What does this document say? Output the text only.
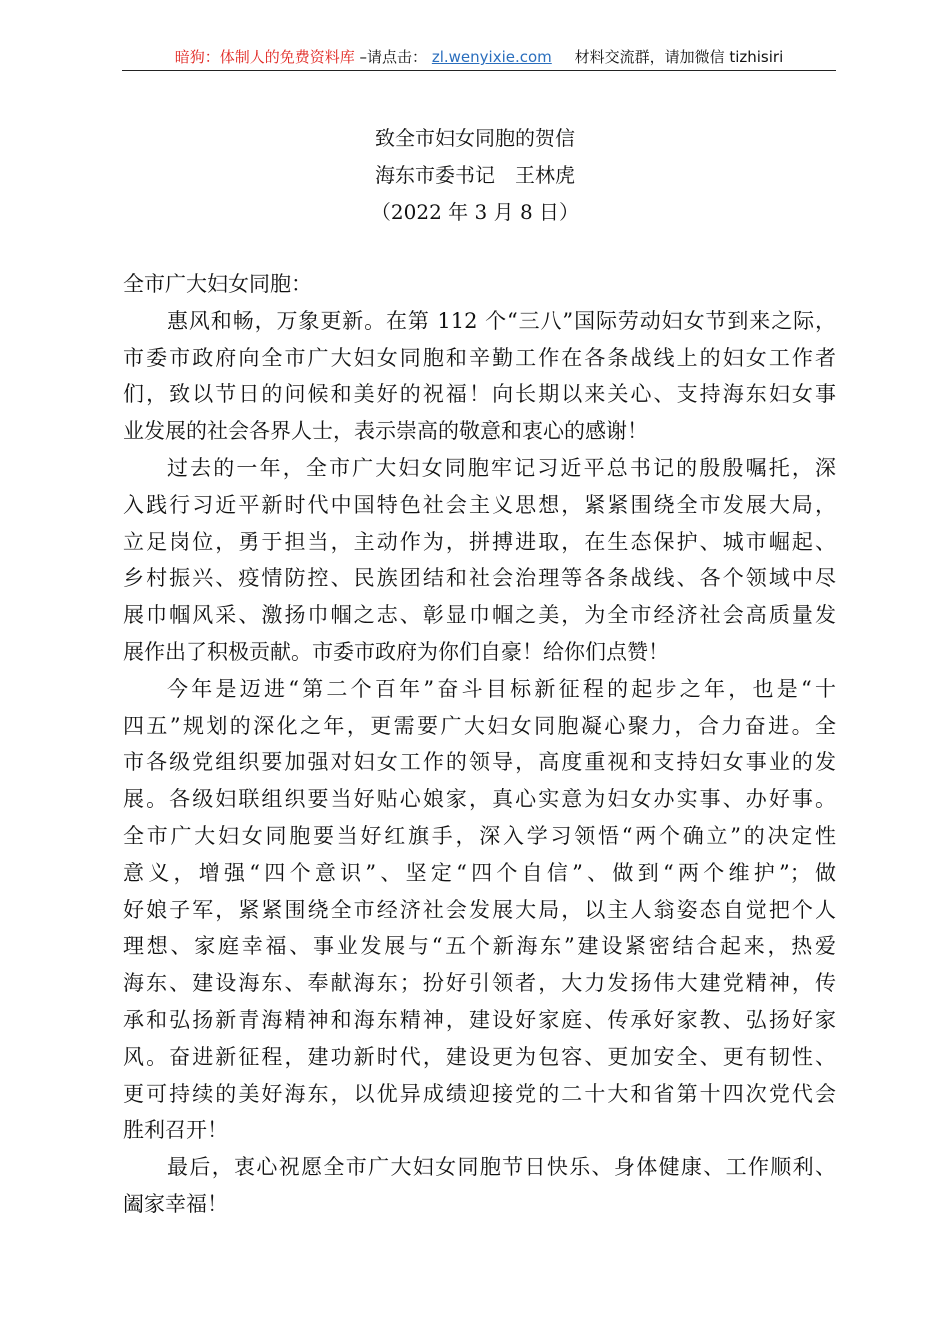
暗狗：体制人的免费资料库 –请点击： zl.wenyixie.com 材料交流群，请加微信 tizhisiri
致全市妇女同胞的贺信
海东市委书记　王林虎
（2022 年 3 月 8 日）
全市广大妇女同胞：
惠风和畅，万象更新。在第 112 个“三八”国际劳动妇女节到来之际，
市委市政府向全市广大妇女同胞和辛勤工作在各条战线上的妇女工作者
们，致以节日的问候和美好的祝福！向长期以来关心、支持海东妇女事
业发展的社会各界人士，表示崇高的敬意和衷心的感谢！
过去的一年，全市广大妇女同胞牢记习近平总书记的殷殷嘱托，深
入践行习近平新时代中国特色社会主义思想，紧紧围绕全市发展大局，
立足岗位，勇于担当，主动作为，拼搏进取，在生态保护、城市崛起、
乡村振兴、疫情防控、民族团结和社会治理等各条战线、各个领域中尽
展巾帼风采、激扬巾帼之志、彰显巾帼之美，为全市经济社会高质量发
展作出了积极贡献。市委市政府为你们自豪！给你们点赞！
今年是迈进“第二个百年”奋斗目标新征程的起步之年，也是“十
四五”规划的深化之年，更需要广大妇女同胞凝心聚力，合力奋进。全
市各级党组织要加强对妇女工作的领导，高度重视和支持妇女事业的发
展。各级妇联组织要当好贴心娘家，真心实意为妇女办实事、办好事。
全市广大妇女同胞要当好红旗手，深入学习领悟“两个确立”的决定性
意义，增强“四个意识”、坚定“四个自信”、做到“两个维护”；做
好娘子军，紧紧围绕全市经济社会发展大局，以主人翁姿态自觉把个人
理想、家庭幸福、事业发展与“五个新海东”建设紧密结合起来，热爱
海东、建设海东、奉献海东；扮好引领者，大力发扬伟大建党精神，传
承和弘扬新青海精神和海东精神，建设好家庭、传承好家教、弘扬好家
风。奋进新征程，建功新时代，建设更为包容、更加安全、更有韧性、
更可持续的美好海东，以优异成绩迎接党的二十大和省第十四次党代会
胜利召开！
最后，衷心祝愿全市广大妇女同胞节日快乐、身体健康、工作顺利、
阖家幸福！
